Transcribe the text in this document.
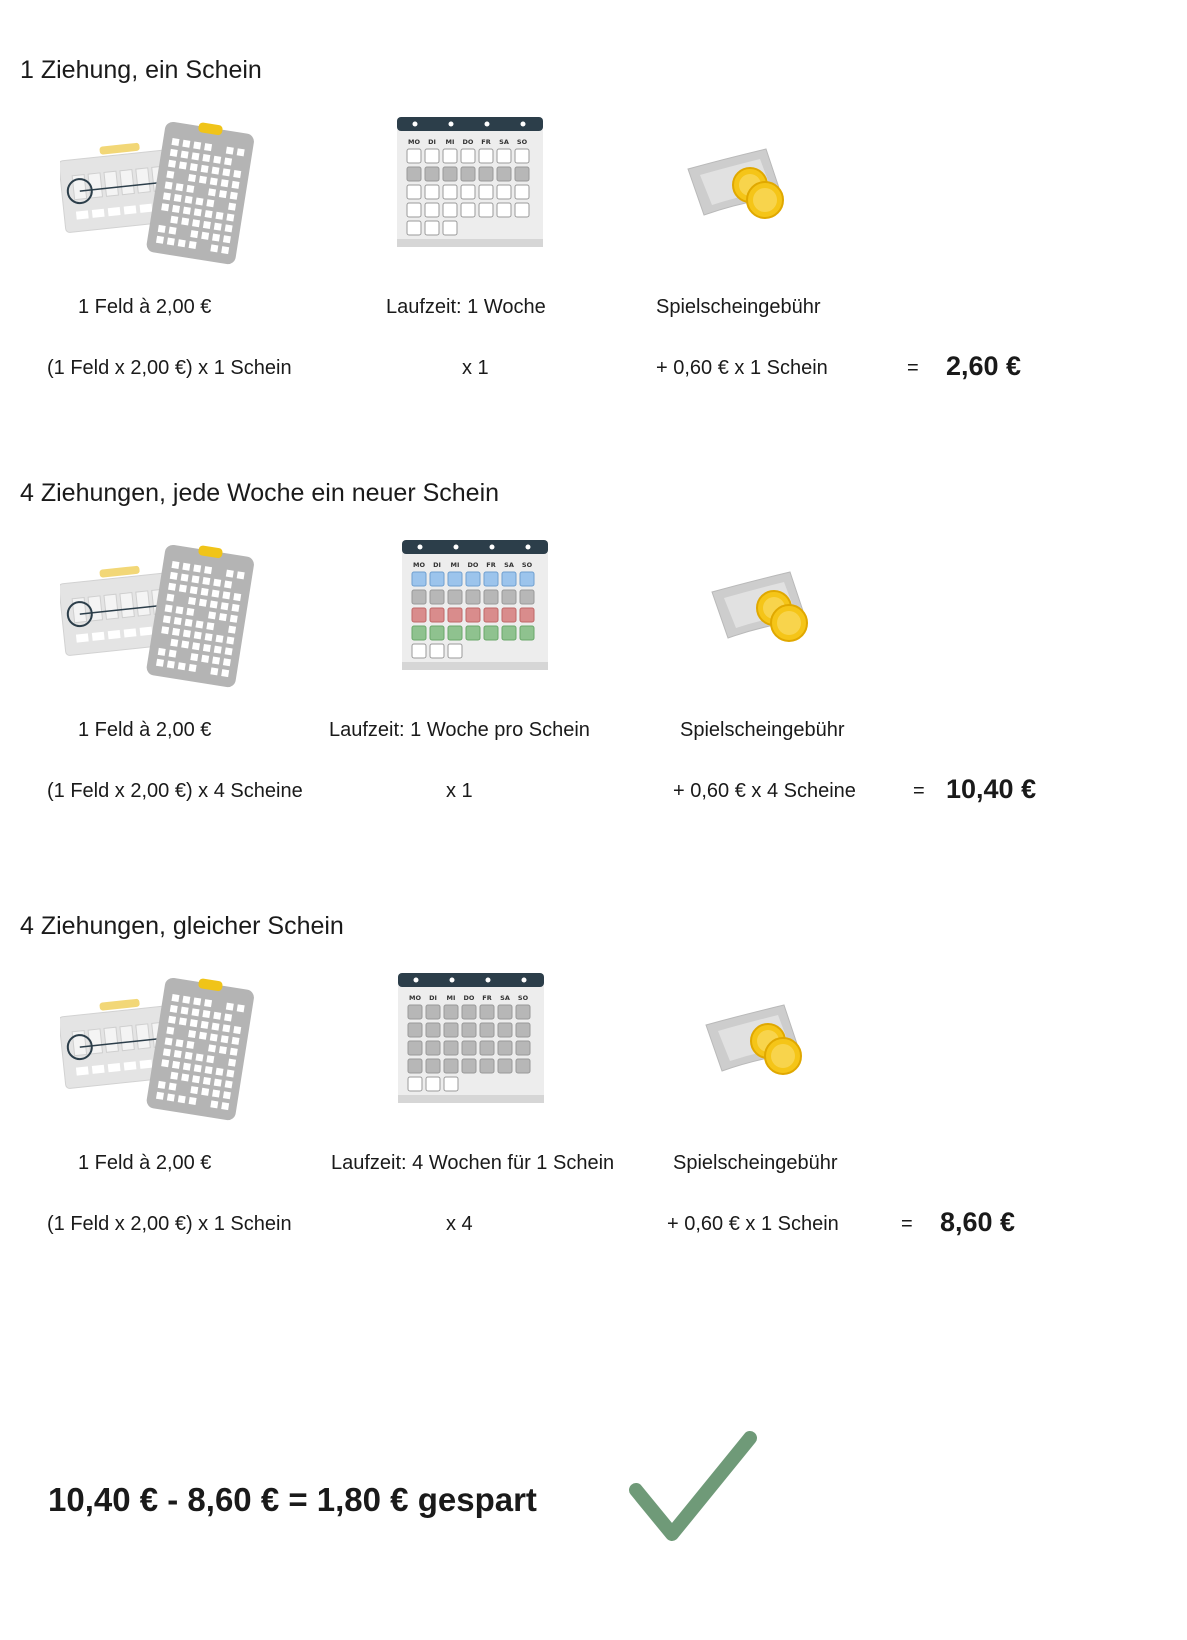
1 Ziehung, ein Schein
MO DI MI DO FR SA SO
1 Feld à 2,00 €	Laufzeit: 1 Woche	Spielscheingebühr
(1 Feld x 2,00 €) x 1 Schein	x 1	+ 0,60 € x 1 Schein	= 2,60 €
4 Ziehungen, jede Woche ein neuer Schein
MO DI MI DO FR SA SO
1 Feld à 2,00 €	Laufzeit: 1 Woche pro Schein	Spielscheingebühr
(1 Feld x 2,00 €) x 4 Scheine	x 1	+ 0,60 € x 4 Scheine	= 10,40 €
4 Ziehungen, gleicher Schein
MO DI MI DO FR SA SO
1 Feld à 2,00 €	Laufzeit: 4 Wochen für 1 Schein	Spielscheingebühr
(1 Feld x 2,00 €) x 1 Schein	x 4	+ 0,60 € x 1 Schein	= 8,60 €
10,40 € - 8,60 € = 1,80 € gespart
